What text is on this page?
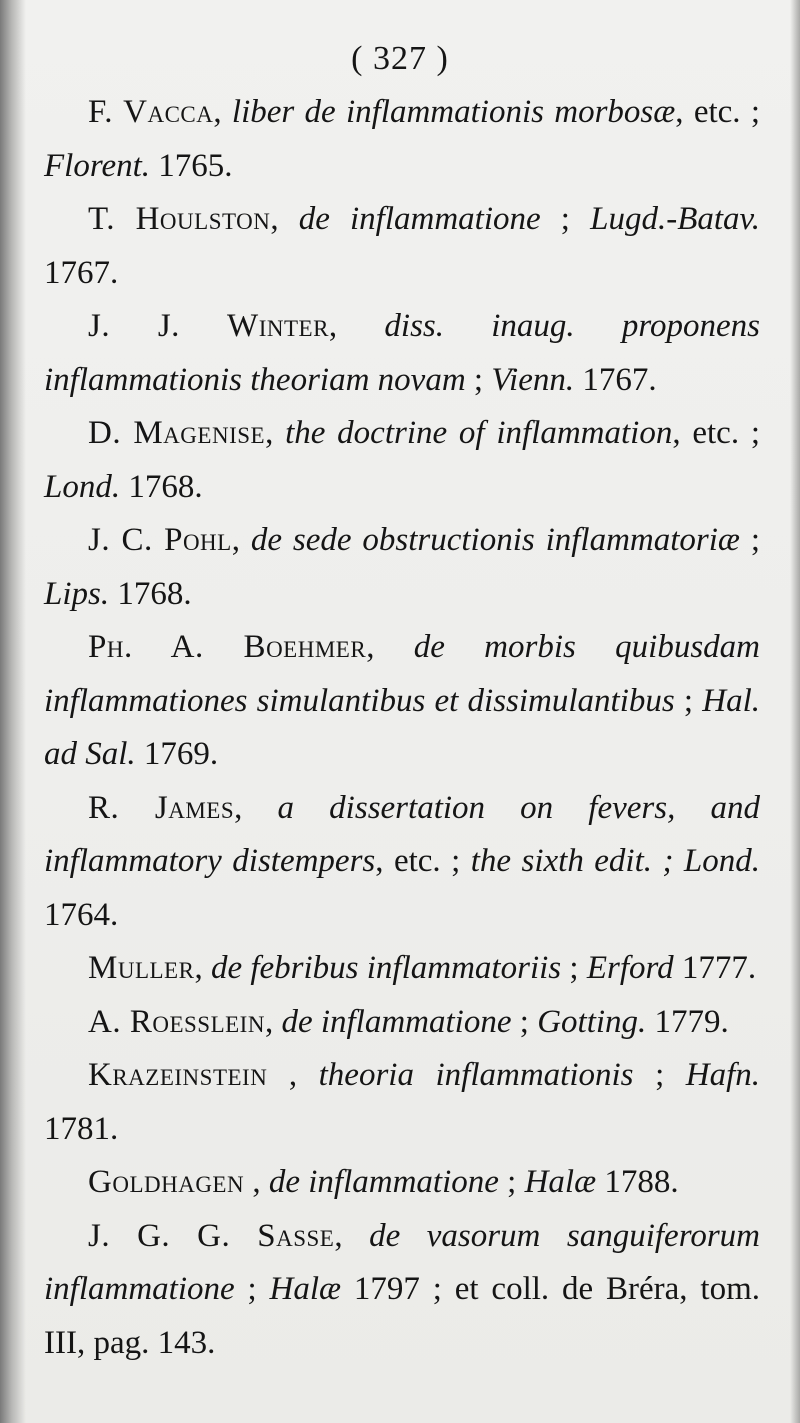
( 327 )

F. Vacca, liber de inflammationis morbosæ, etc. ; Florent. 1765.

T. Houlston, de inflammatione ; Lugd.-Batav. 1767.

J. J. Winter, diss. inaug. proponens inflammationis theoriam novam ; Vienn. 1767.

D. Magenise, the doctrine of inflammation, etc. ; Lond. 1768.

J. C. Pohl, de sede obstructionis inflammatoriæ ; Lips. 1768.

Ph. A. Boehmer, de morbis quibusdam inflammationes simulantibus et dissimulantibus ; Hal. ad Sal. 1769.

R. James, a dissertation on fevers, and inflammatory distempers, etc. ; the sixth edit. ; Lond. 1764.

Muller, de febribus inflammatoriis ; Erford 1777.

A. Roesslein, de inflammatione ; Gotting. 1779.

Krazeinstein , theoria inflammationis ; Hafn. 1781.

Goldhagen , de inflammatione ; Halæ 1788.

J. G. G. Sasse, de vasorum sanguiferorum inflammatione ; Halæ 1797 ; et coll. de Bréra, tom. III, pag. 143.
